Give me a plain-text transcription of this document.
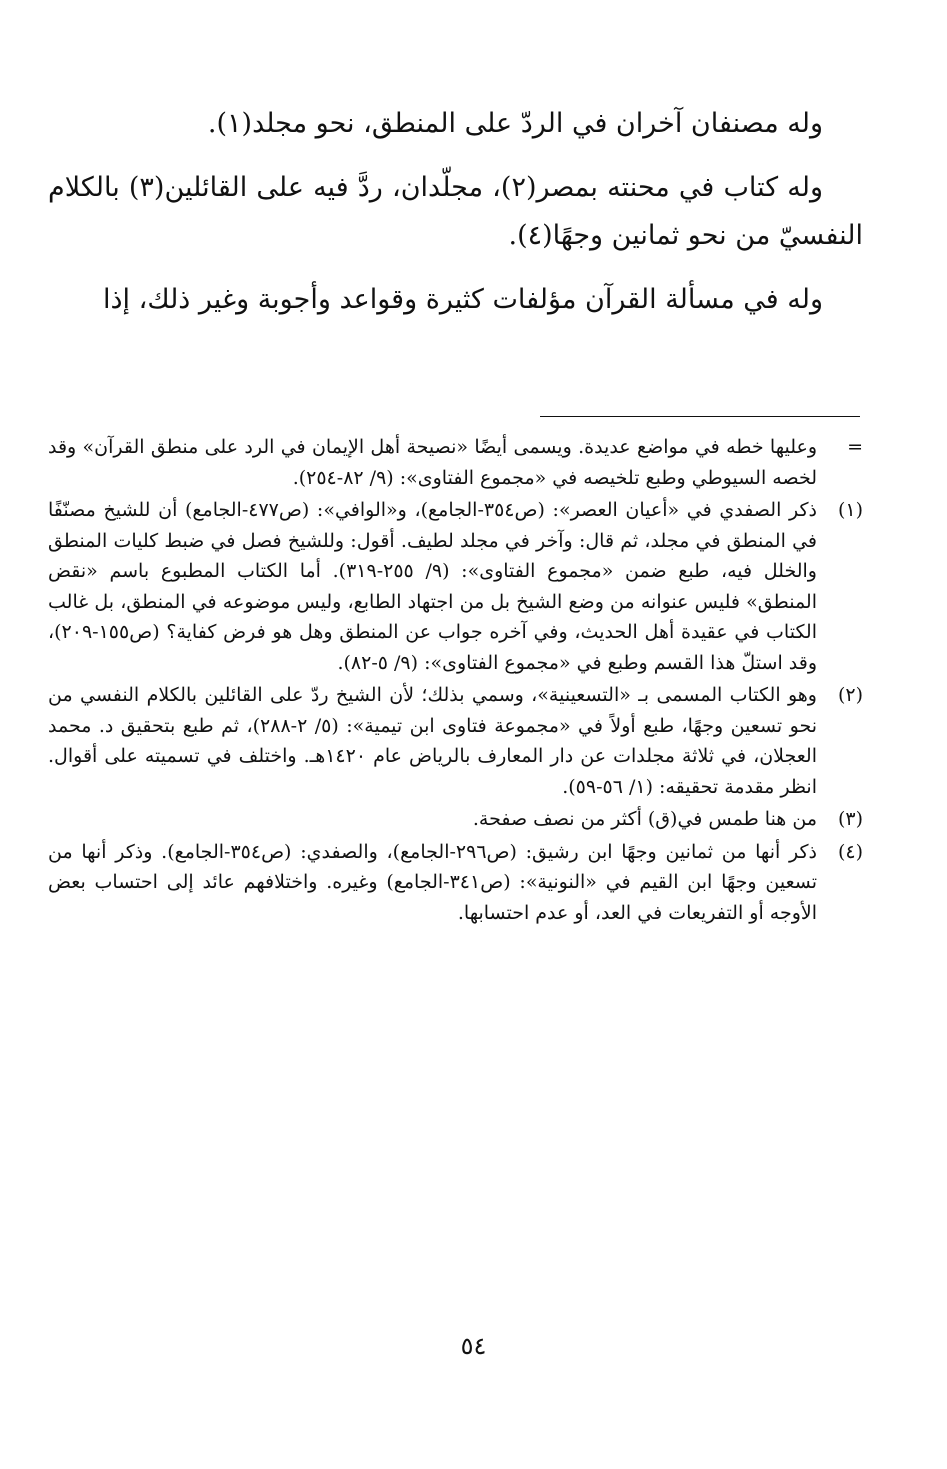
وله مصنفان آخران في الردّ على المنطق، نحو مجلد(١).

وله كتاب في محنته بمصر(٢)، مجلّدان، ردَّ فيه على القائلين(٣) بالكلام النفسيّ من نحو ثمانين وجهًا(٤).

وله في مسألة القرآن مؤلفات كثيرة وقواعد وأجوبة وغير ذلك، إذا

=
وعليها خطه في مواضع عديدة. ويسمى أيضًا «نصيحة أهل الإيمان في الرد على منطق القرآن» وقد لخصه السيوطي وطبع تلخيصه في «مجموع الفتاوى»: (٩/ ٨٢-٢٥٤).
(١)
ذكر الصفدي في «أعيان العصر»: (ص٣٥٤-الجامع)، و«الوافي»: (ص٤٧٧-الجامع) أن للشيخ مصنّفًا في المنطق في مجلد، ثم قال: وآخر في مجلد لطيف. أقول: وللشيخ فصل في ضبط كليات المنطق والخلل فيه، طبع ضمن «مجموع الفتاوى»: (٩/ ٢٥٥-٣١٩). أما الكتاب المطبوع باسم «نقض المنطق» فليس عنوانه من وضع الشيخ بل من اجتهاد الطابع، وليس موضوعه في المنطق، بل غالب الكتاب في عقيدة أهل الحديث، وفي آخره جواب عن المنطق وهل هو فرض كفاية؟ (ص١٥٥-٢٠٩)، وقد استلّ هذا القسم وطبع في «مجموع الفتاوى»: (٩/ ٥-٨٢).
(٢)
وهو الكتاب المسمى بـ «التسعينية»، وسمي بذلك؛ لأن الشيخ ردّ على القائلين بالكلام النفسي من نحو تسعين وجهًا، طبع أولاً في «مجموعة فتاوى ابن تيمية»: (٥/ ٢-٢٨٨)، ثم طبع بتحقيق د. محمد العجلان، في ثلاثة مجلدات عن دار المعارف بالرياض عام ١٤٢٠هـ. واختلف في تسميته على أقوال. انظر مقدمة تحقيقه: (١/ ٥٦-٥٩).
(٣)
من هنا طمس في(ق) أكثر من نصف صفحة.
(٤)
ذكر أنها من ثمانين وجهًا ابن رشيق: (ص٢٩٦-الجامع)، والصفدي: (ص٣٥٤-الجامع). وذكر أنها من تسعين وجهًا ابن القيم في «النونية»: (ص٣٤١-الجامع) وغيره. واختلافهم عائد إلى احتساب بعض الأوجه أو التفريعات في العد، أو عدم احتسابها.
٥٤
